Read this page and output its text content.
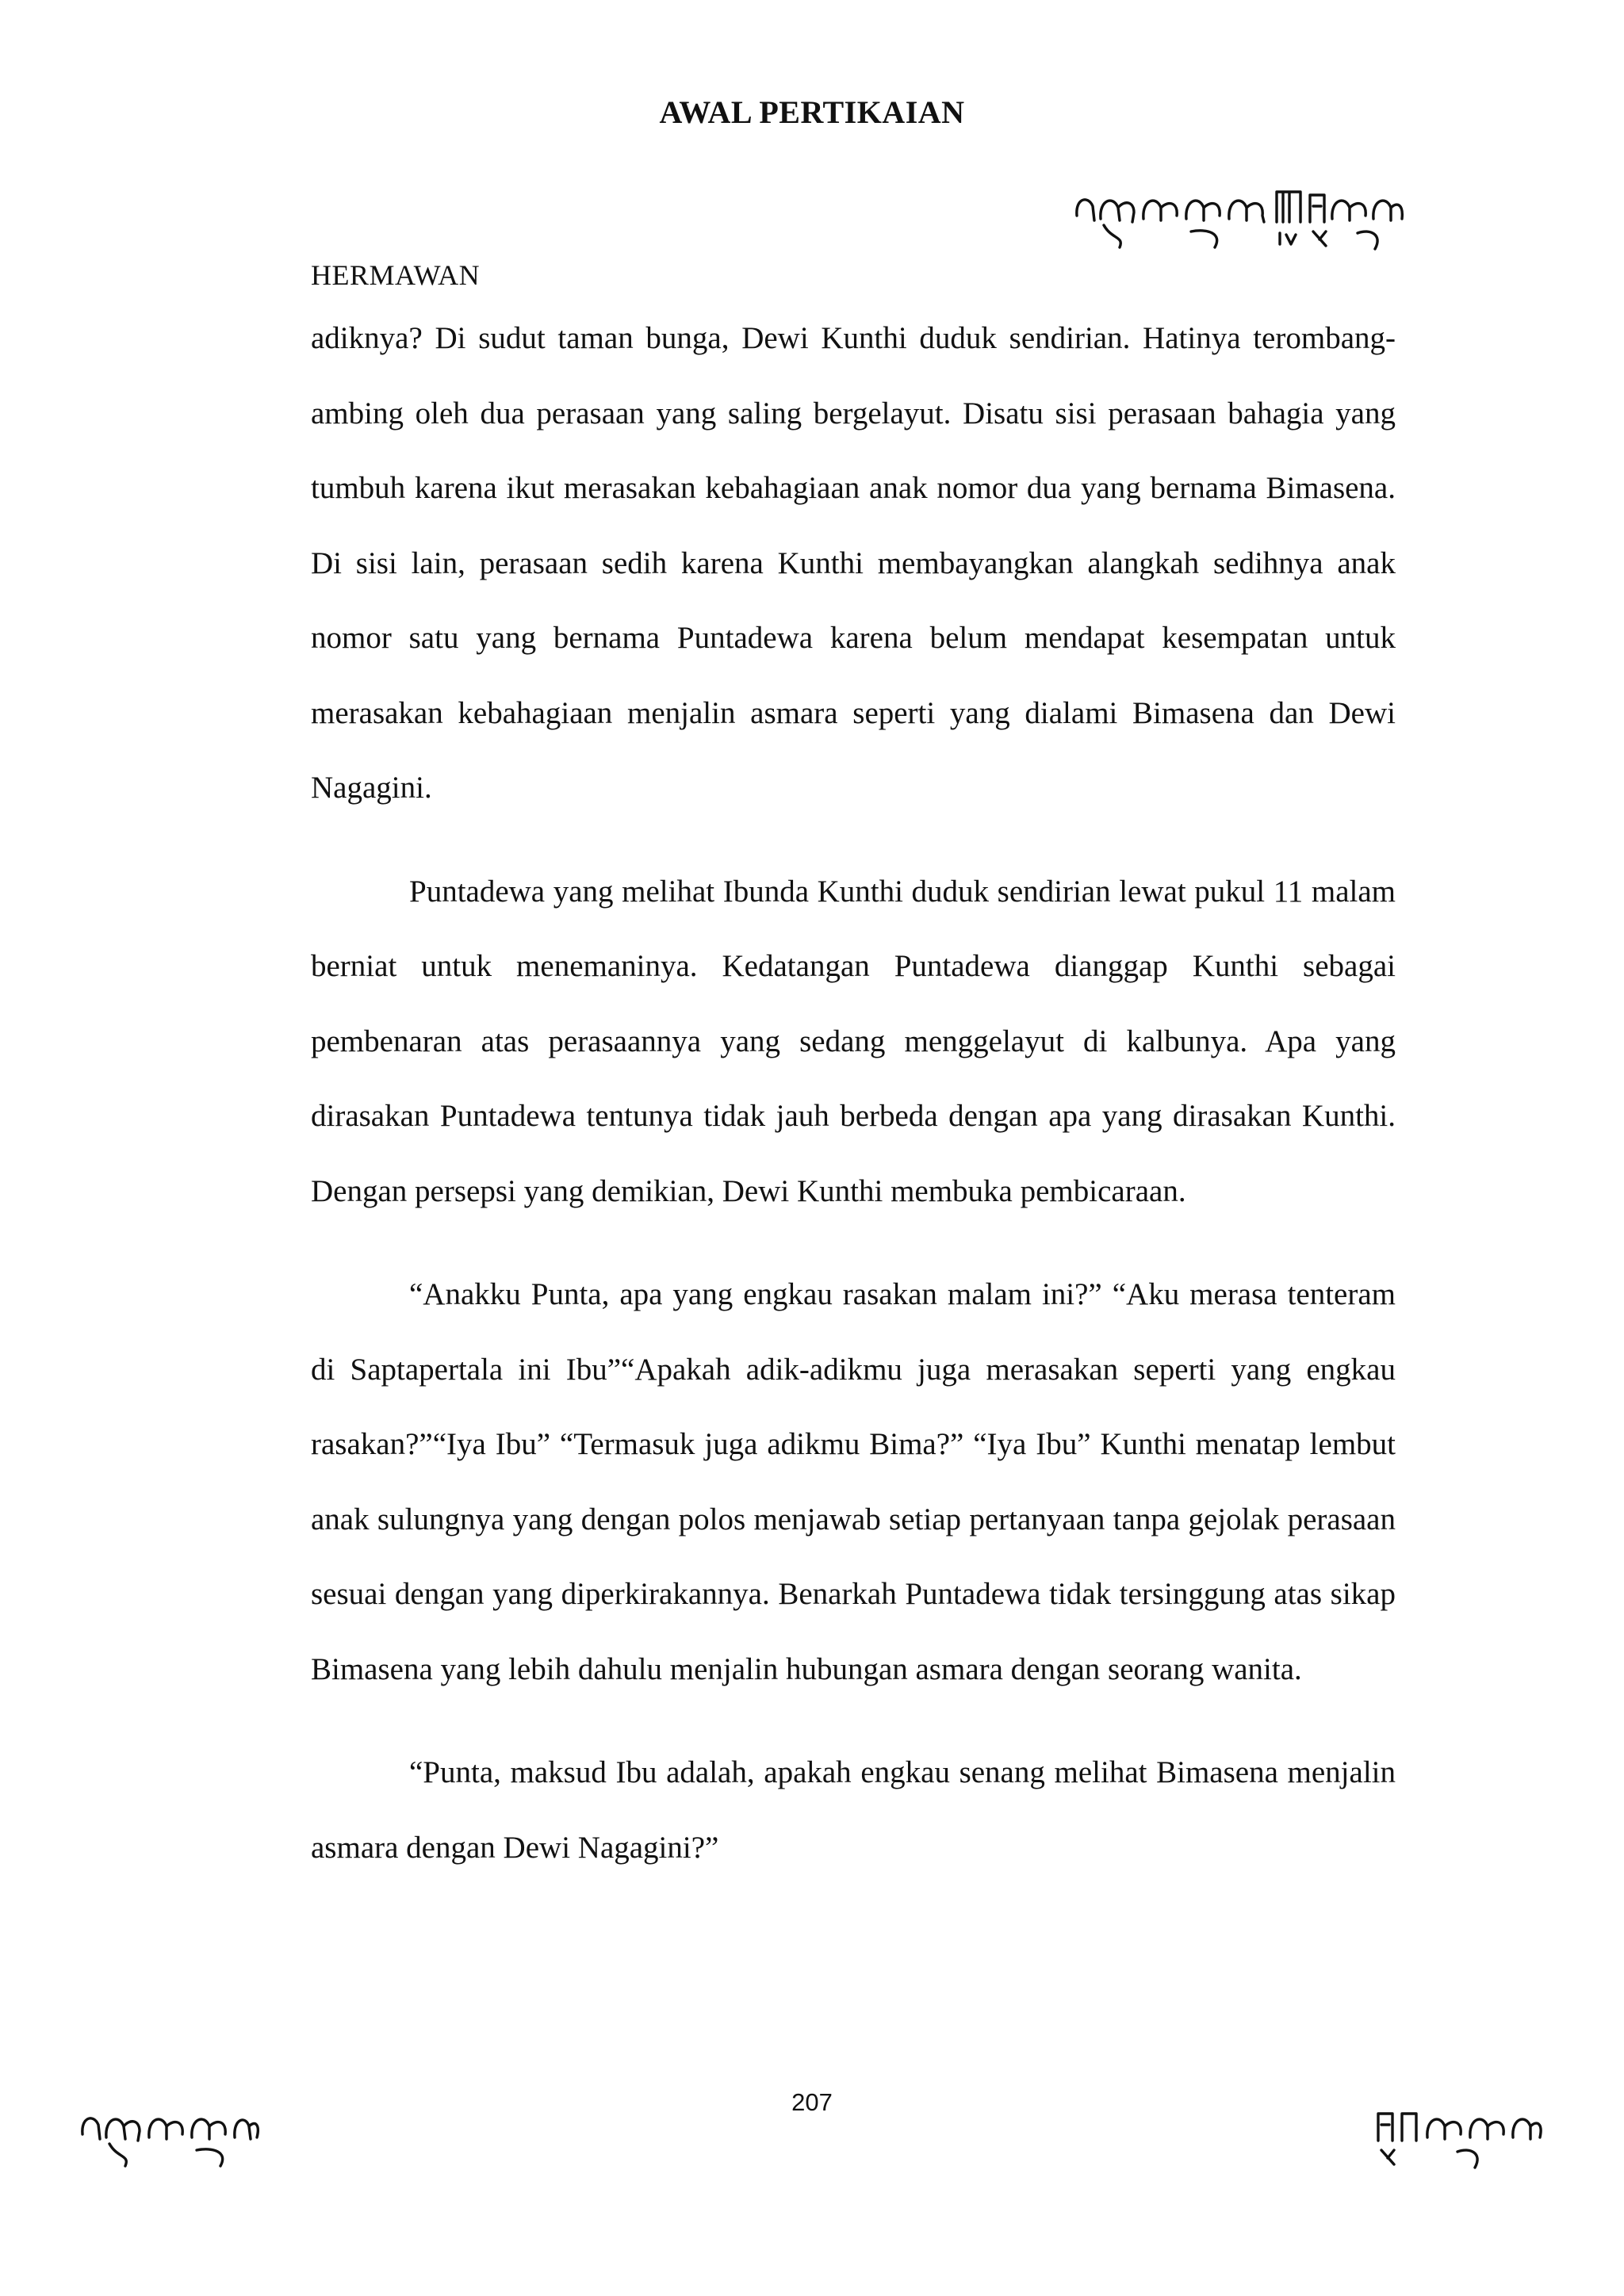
AWAL PERTIKAIAN
HERMAWAN

adiknya? Di sudut taman bunga, Dewi Kunthi duduk sendirian. Hatinya terombang-ambing oleh dua perasaan yang saling bergelayut. Disatu sisi perasaan bahagia yang tumbuh karena ikut merasakan kebahagiaan anak nomor dua yang bernama Bimasena. Di sisi lain, perasaan sedih karena Kunthi membayangkan alangkah sedihnya anak nomor satu yang bernama Puntadewa karena belum mendapat kesempatan untuk merasakan kebahagiaan menjalin asmara seperti yang dialami Bimasena dan Dewi Nagagini.

Puntadewa yang melihat Ibunda Kunthi duduk sendirian lewat pukul 11 malam berniat untuk menemaninya. Kedatangan Puntadewa dianggap Kunthi sebagai pembenaran atas perasaannya yang sedang menggelayut di kalbunya. Apa yang dirasakan Puntadewa tentunya tidak jauh berbeda dengan apa yang dirasakan Kunthi. Dengan persepsi yang demikian, Dewi Kunthi membuka pembicaraan.

“Anakku Punta, apa yang engkau rasakan malam ini?” “Aku merasa tenteram di Saptapertala ini Ibu”“Apakah adik-adikmu juga merasakan seperti yang engkau rasakan?”“Iya Ibu” “Termasuk juga adikmu Bima?” “Iya Ibu” Kunthi menatap lembut anak sulungnya yang dengan polos menjawab setiap pertanyaan tanpa gejolak perasaan sesuai dengan yang diperkirakannya. Benarkah Puntadewa tidak tersinggung atas sikap Bimasena yang lebih dahulu menjalin hubungan asmara dengan seorang wanita.

“Punta, maksud Ibu adalah, apakah engkau senang melihat Bimasena menjalin asmara dengan Dewi Nagagini?”

207
